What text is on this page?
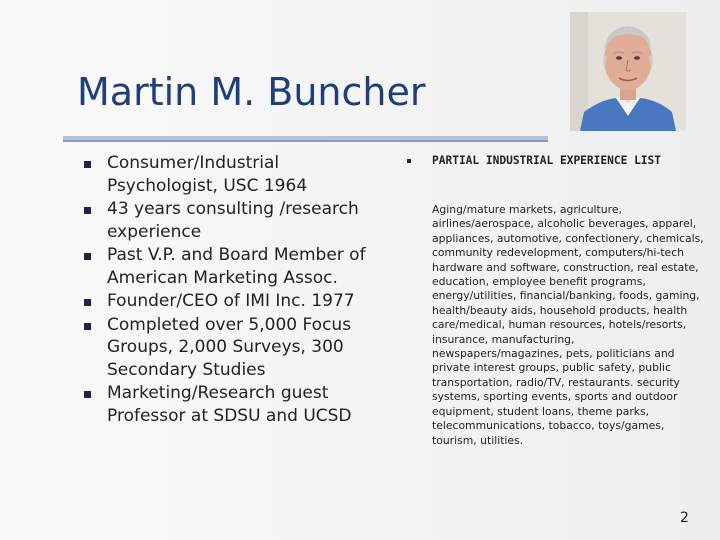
Martin M. Buncher
Consumer/Industrial Psychologist, USC 1964
43 years consulting /research experience
Past V.P. and Board Member of American Marketing Assoc.
Founder/CEO of IMI Inc. 1977
Completed over 5,000 Focus Groups, 2,000 Surveys, 300 Secondary Studies
Marketing/Research guest Professor at SDSU and UCSD
PARTIAL INDUSTRIAL EXPERIENCE LIST
Aging/mature markets, agriculture, airlines/aerospace, alcoholic beverages, apparel, appliances, automotive, confectionery, chemicals, community redevelopment, computers/hi-tech hardware and software, construction, real estate, education, employee benefit programs, energy/utilities, financial/banking, foods, gaming, health/beauty aids, household products, health care/medical, human resources, hotels/resorts, insurance, manufacturing, newspapers/magazines, pets, politicians and private interest groups, public safety, public transportation, radio/TV, restaurants. security systems, sporting events, sports and outdoor equipment, student loans, theme parks, telecommunications, tobacco, toys/games, tourism, utilities.
2
